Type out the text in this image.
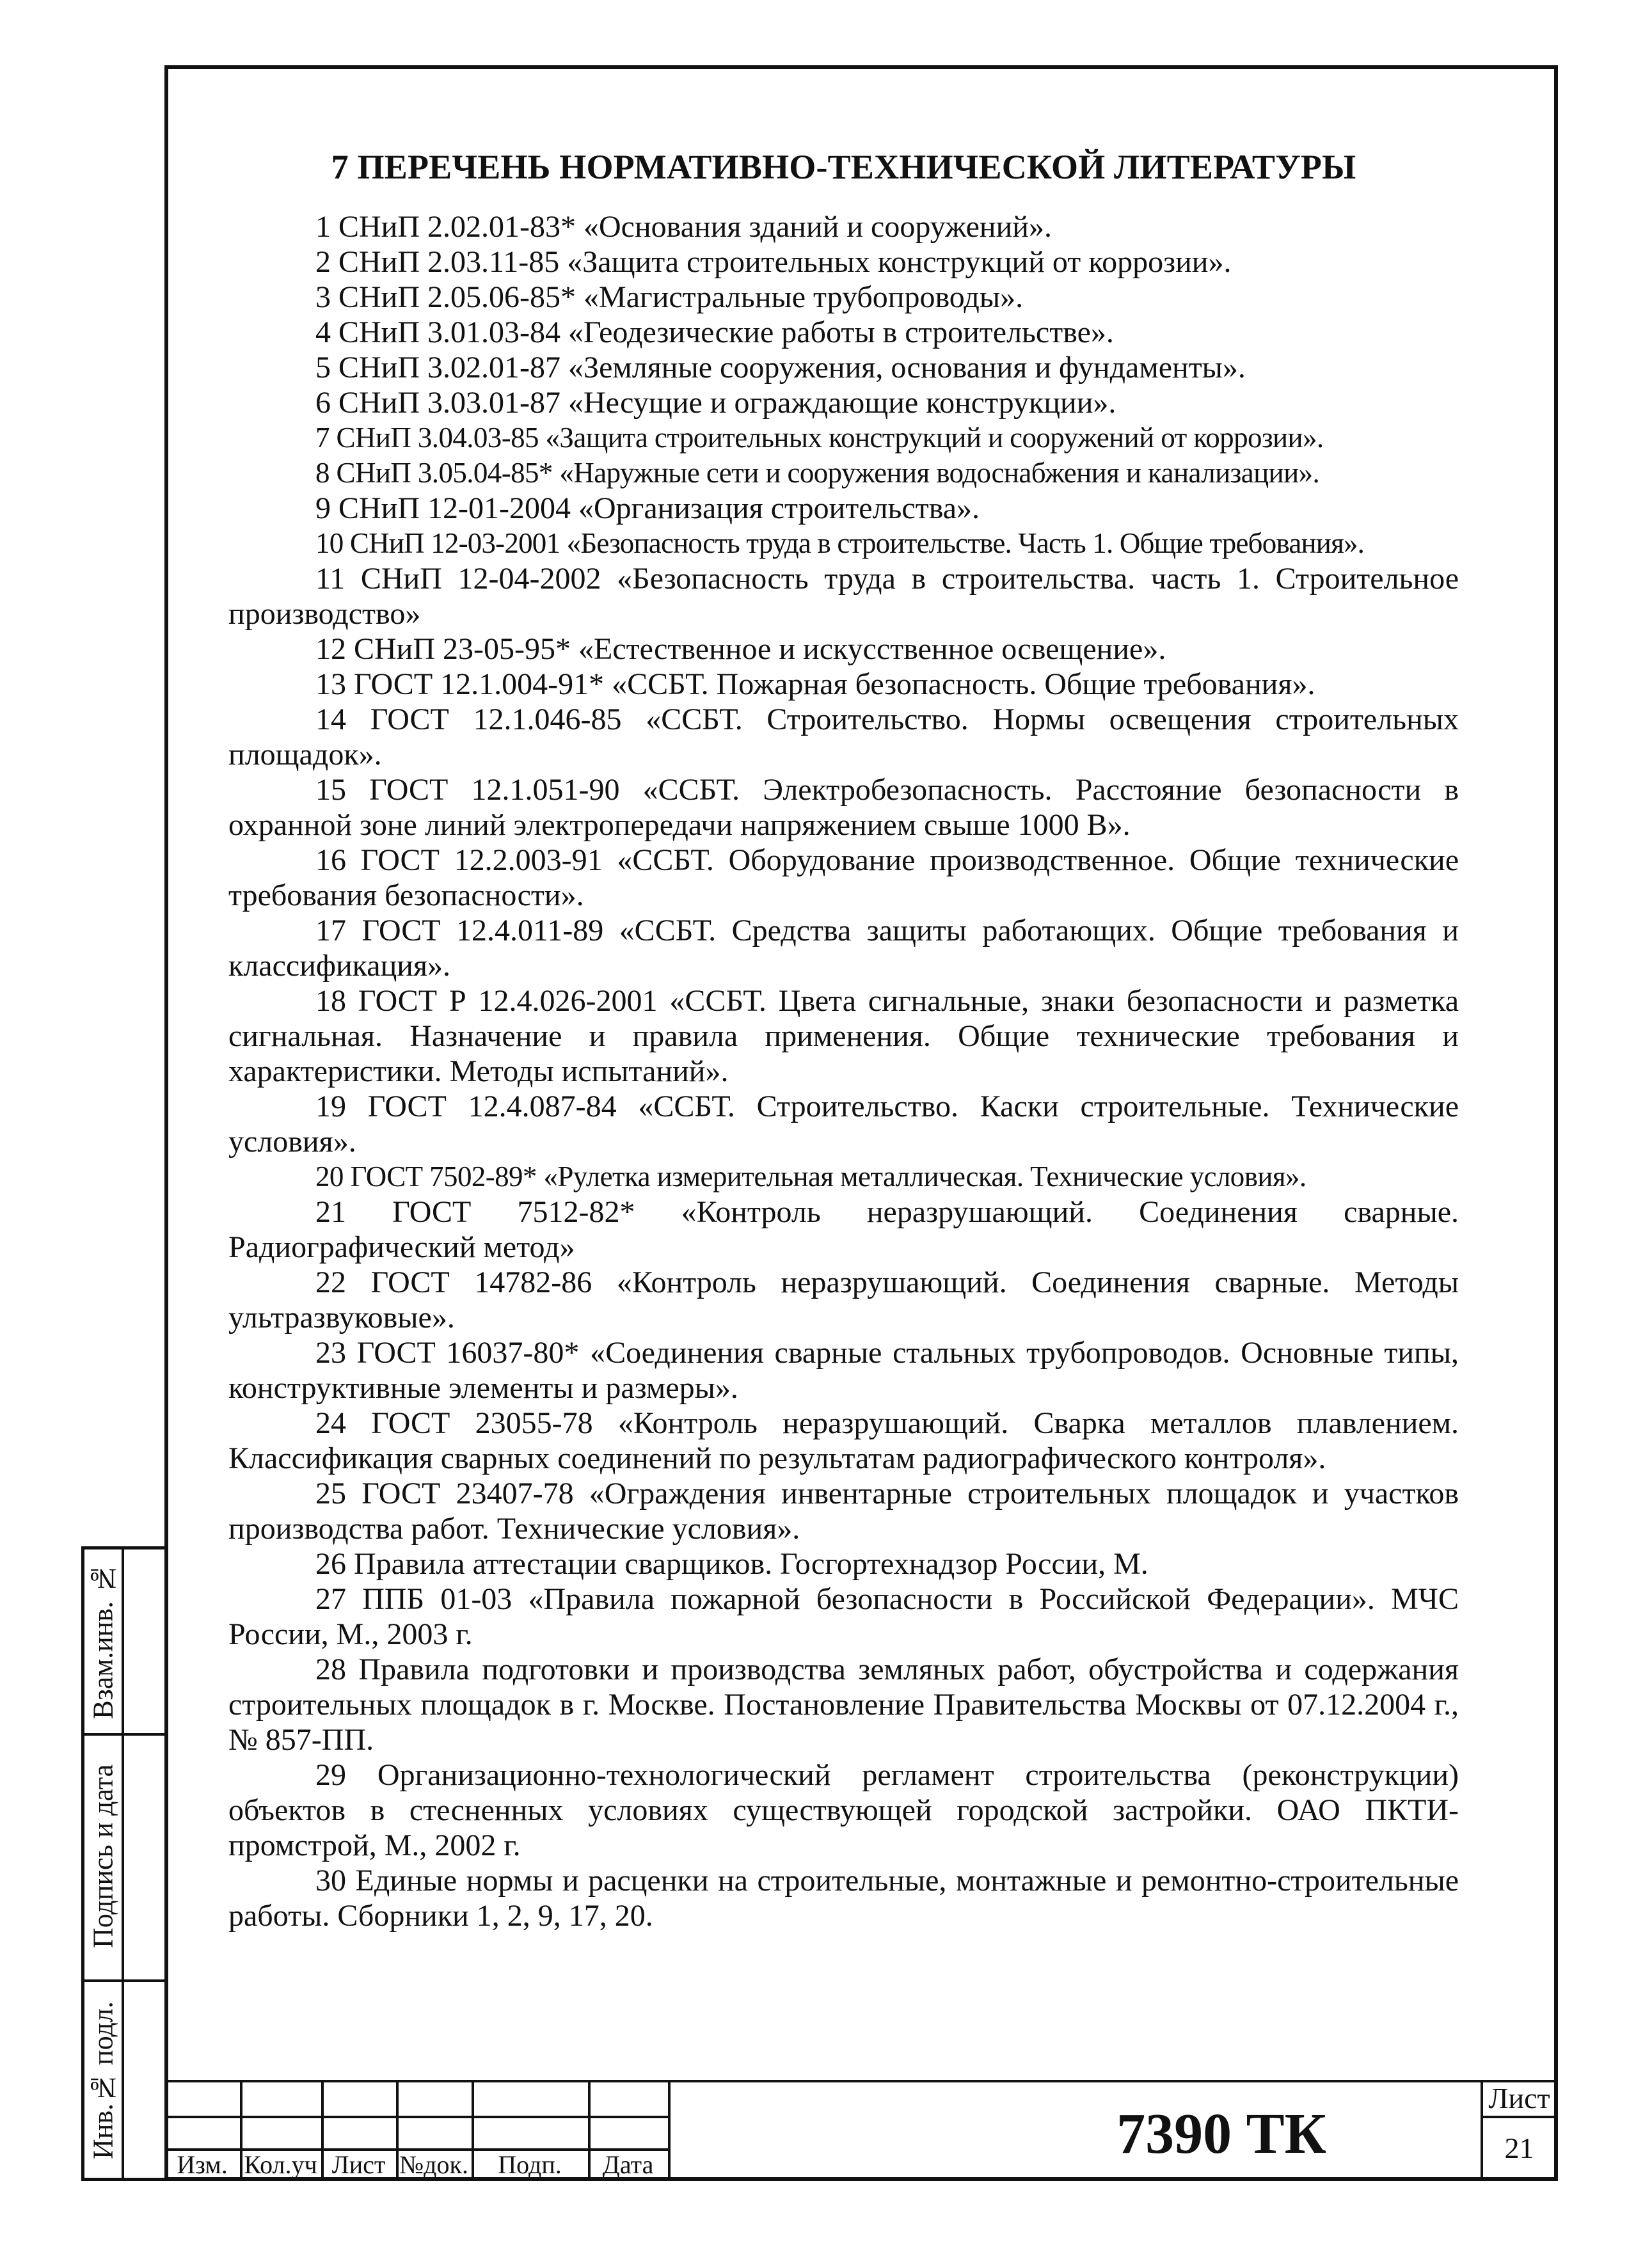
Взам.инв. №
Подпись и дата
Инв.№ подл.
7 ПЕРЕЧЕНЬ НОРМАТИВНО-ТЕХНИЧЕСКОЙ ЛИТЕРАТУРЫ
1 СНиП 2.02.01-83* «Основания зданий и сооружений».
2 СНиП 2.03.11-85 «Защита строительных конструкций от коррозии».
3 СНиП 2.05.06-85* «Магистральные трубопроводы».
4 СНиП 3.01.03-84 «Геодезические работы в строительстве».
5 СНиП 3.02.01-87 «Земляные сооружения, основания и фундаменты».
6 СНиП 3.03.01-87 «Несущие и ограждающие конструкции».
7 СНиП 3.04.03-85 «Защита строительных конструкций и сооружений от коррозии».
8 СНиП 3.05.04-85* «Наружные сети и сооружения водоснабжения и канализации».
9 СНиП 12-01-2004 «Организация строительства».
10 СНиП 12-03-2001 «Безопасность труда в строительстве. Часть 1. Общие требования».
11 СНиП 12-04-2002 «Безопасность труда в строительства. часть 1. Строительное производство»
12 СНиП 23-05-95* «Естественное и искусственное освещение».
13 ГОСТ 12.1.004-91* «ССБТ. Пожарная безопасность. Общие требования».
14 ГОСТ 12.1.046-85 «ССБТ. Строительство. Нормы освещения строительных площадок».
15 ГОСТ 12.1.051-90 «ССБТ. Электробезопасность. Расстояние безопасности в охранной зоне линий электропередачи напряжением свыше 1000 В».
16 ГОСТ 12.2.003-91 «ССБТ. Оборудование производственное. Общие технические требования безопасности».
17 ГОСТ 12.4.011-89 «ССБТ. Средства защиты работающих. Общие требования и классификация».
18 ГОСТ Р 12.4.026-2001 «ССБТ. Цвета сигнальные, знаки безопасности и разметка сигнальная. Назначение и правила применения. Общие технические требования и характеристики. Методы испытаний».
19 ГОСТ 12.4.087-84 «ССБТ. Строительство. Каски строительные. Технические условия».
20 ГОСТ 7502-89* «Рулетка измерительная металлическая. Технические условия».
21 ГОСТ 7512-82* «Контроль неразрушающий. Соединения сварные. Радиографический метод»
22 ГОСТ 14782-86 «Контроль неразрушающий. Соединения сварные. Методы ультразвуковые».
23 ГОСТ 16037-80* «Соединения сварные стальных трубопроводов. Основные типы, конструктивные элементы и размеры».
24 ГОСТ 23055-78 «Контроль неразрушающий. Сварка металлов плавлением. Классификация сварных соединений по результатам радиографического контроля».
25 ГОСТ 23407-78 «Ограждения инвентарные строительных площадок и участков производства работ. Технические условия».
26 Правила аттестации сварщиков. Госгортехнадзор России, М.
27 ППБ 01-03 «Правила пожарной безопасности в Российской Федерации». МЧС России, М., 2003 г.
28 Правила подготовки и производства земляных работ, обустройства и содержания строительных площадок в г. Москве. Постановление Правительства Москвы от 07.12.2004 г., № 857-ПП.
29 Организационно-технологический регламент строительства (реконструкции) объектов в стесненных условиях существующей городской застройки. ОАО ПКТИ-промстрой, М., 2002 г.
30 Единые нормы и расценки на строительные, монтажные и ремонтно-строительные работы. Сборники 1, 2, 9, 17, 20.
Изм. Кол.уч Лист №док.	Подп.	Дата	7390 ТК
Лист
21
